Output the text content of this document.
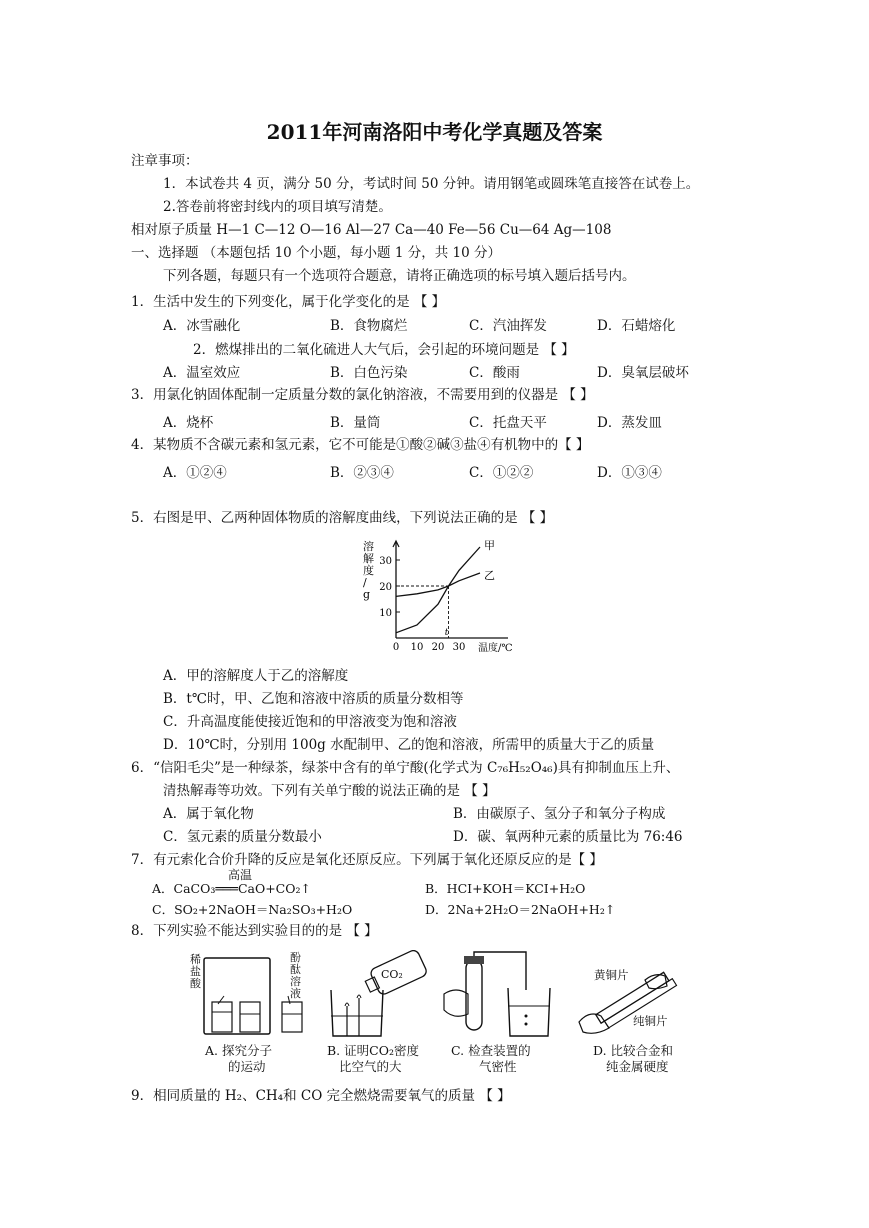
2011年河南洛阳中考化学真题及答案
注章事项：
1．本试卷共 4 页，满分 50 分，考试时间 50 分钟。请用钢笔或圆珠笔直接答在试卷上。
2.答卷前将密封线内的项目填写清楚。
相对原子质量 H—1 C—12 O—16 Al—27 Ca—40 Fe—56 Cu—64 Ag—108
一、选择题 （本题包括 10 个小题，每小题 1 分，共 10 分）
下列各题，每题只有一个选项符合题意，请将正确选项的标号填入题后括号内。
1．生活中发生的下列变化，属于化学变化的是 【 】
A．冰雪融化	B．食物腐烂	C．汽油挥发	D．石蜡熔化
2．燃煤排出的二氧化硫进人大气后，会引起的环境问题是 【 】
A．温室效应	B．白色污染	C．酸雨	D．臭氧层破坏
3．用氯化钠固体配制一定质量分数的氯化钠溶液，不需要用到的仪器是 【 】
A．烧杯	B．量筒	C．托盘天平	D．蒸发皿
4．某物质不含碳元素和氢元素，它不可能是①酸②碱③盐④有机物中的【 】
A．①②④	B．②③④	C．①②②	D．①③④
5．右图是甲、乙两种固体物质的溶解度曲线，下列说法正确的是 【 】
溶解度/ g
10
20
30
0 10 20
t
30 温度/℃
甲
乙
A．甲的溶解度人于乙的溶解度
B．t℃时，甲、乙饱和溶液中溶质的质量分数相等
C．升高温度能使接近饱和的甲溶液变为饱和溶液
D．10℃时，分别用 100g 水配制甲、乙的饱和溶液，所需甲的质量大于乙的质量
6．“信阳毛尖”是一种绿茶，绿茶中含有的单宁酸(化学式为 C₇₆H₅₂O₄₆)具有抑制血压上升、
清热解毒等功效。下列有关单宁酸的说法正确的是 【 】
A．属于氧化物	B．由碳原子、氢分子和氧分子构成
C．氢元素的质量分数最小	D．碳、氧两种元素的质量比为 76:46
7．有元索化合价升降的反应是氧化还原反应。下列属于氧化还原反应的是【 】
高温
A．CaCO₃═══CaO+CO₂↑	B．HCI+KOH＝KCI+H₂O
C．SO₂+2NaOH＝Na₂SO₃+H₂O	D．2Na+2H₂O＝2NaOH+H₂↑
8．下列实验不能达到实验目的的是 【 】
稀盐酸
酚酞溶液
A. 探究分子
的运动
CO₂
B. 证明CO₂密度
比空气的大
C. 检查装置的
气密性
黄铜片
纯铜片
D. 比较合金和
纯金属硬度
9．相同质量的 H₂、CH₄和 CO 完全燃烧需要氧气的质量 【 】
